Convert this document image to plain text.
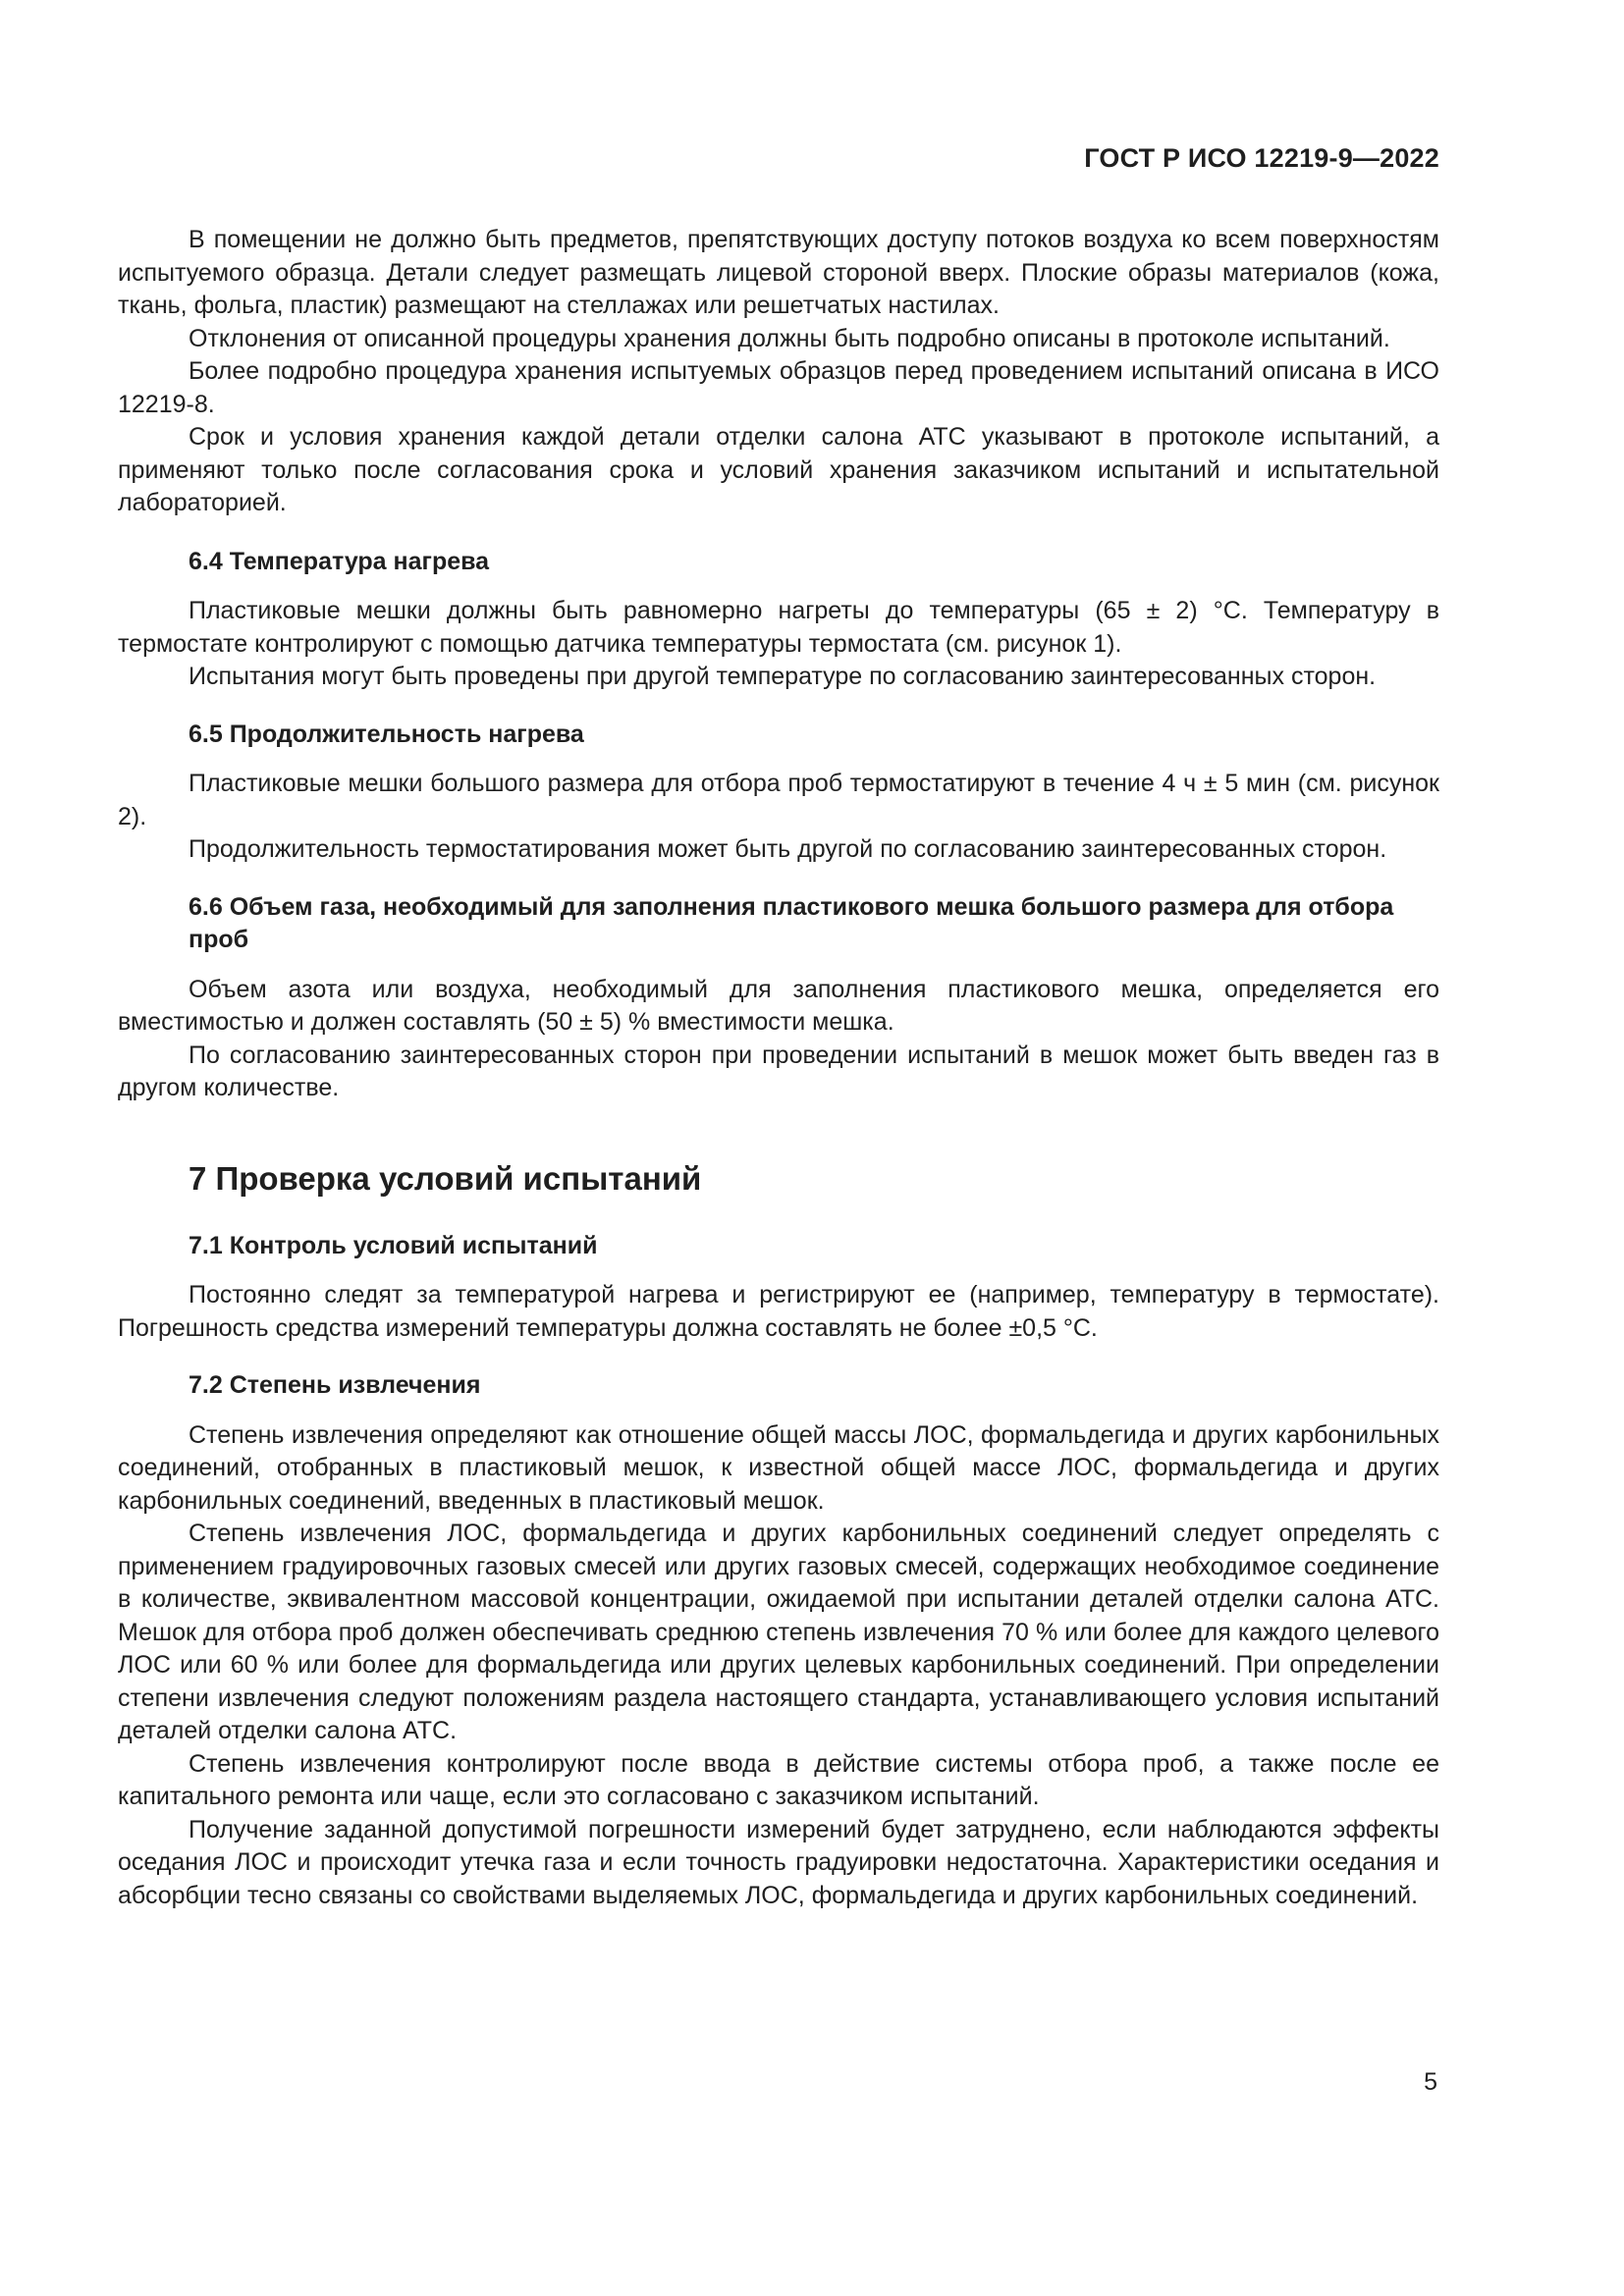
ГОСТ Р ИСО 12219-9—2022

В помещении не должно быть предметов, препятствующих доступу потоков воздуха ко всем поверхностям испытуемого образца. Детали следует размещать лицевой стороной вверх. Плоские образы материалов (кожа, ткань, фольга, пластик) размещают на стеллажах или решетчатых настилах.

Отклонения от описанной процедуры хранения должны быть подробно описаны в протоколе испытаний.

Более подробно процедура хранения испытуемых образцов перед проведением испытаний описана в ИСО 12219-8.

Срок и условия хранения каждой детали отделки салона АТС указывают в протоколе испытаний, а применяют только после согласования срока и условий хранения заказчиком испытаний и испытательной лабораторией.

6.4 Температура нагрева

Пластиковые мешки должны быть равномерно нагреты до температуры (65 ± 2) °С. Температуру в термостате контролируют с помощью датчика температуры термостата (см. рисунок 1).

Испытания могут быть проведены при другой температуре по согласованию заинтересованных сторон.

6.5 Продолжительность нагрева

Пластиковые мешки большого размера для отбора проб термостатируют в течение 4 ч ± 5 мин (см. рисунок 2).

Продолжительность термостатирования может быть другой по согласованию заинтересованных сторон.

6.6 Объем газа, необходимый для заполнения пластикового мешка большого размера для отбора проб

Объем азота или воздуха, необходимый для заполнения пластикового мешка, определяется его вместимостью и должен составлять (50 ± 5) % вместимости мешка.

По согласованию заинтересованных сторон при проведении испытаний в мешок может быть введен газ в другом количестве.

7 Проверка условий испытаний
7.1 Контроль условий испытаний

Постоянно следят за температурой нагрева и регистрируют ее (например, температуру в термостате). Погрешность средства измерений температуры должна составлять не более ±0,5 °С.

7.2 Степень извлечения

Степень извлечения определяют как отношение общей массы ЛОС, формальдегида и других карбонильных соединений, отобранных в пластиковый мешок, к известной общей массе ЛОС, формальдегида и других карбонильных соединений, введенных в пластиковый мешок.

Степень извлечения ЛОС, формальдегида и других карбонильных соединений следует определять с применением градуировочных газовых смесей или других газовых смесей, содержащих необходимое соединение в количестве, эквивалентном массовой концентрации, ожидаемой при испытании деталей отделки салона АТС. Мешок для отбора проб должен обеспечивать среднюю степень извлечения 70 % или более для каждого целевого ЛОС или 60 % или более для формальдегида или других целевых карбонильных соединений. При определении степени извлечения следуют положениям раздела настоящего стандарта, устанавливающего условия испытаний деталей отделки салона АТС.

Степень извлечения контролируют после ввода в действие системы отбора проб, а также после ее капитального ремонта или чаще, если это согласовано с заказчиком испытаний.

Получение заданной допустимой погрешности измерений будет затруднено, если наблюдаются эффекты оседания ЛОС и происходит утечка газа и если точность градуировки недостаточна. Характеристики оседания и абсорбции тесно связаны со свойствами выделяемых ЛОС, формальдегида и других карбонильных соединений.

5
